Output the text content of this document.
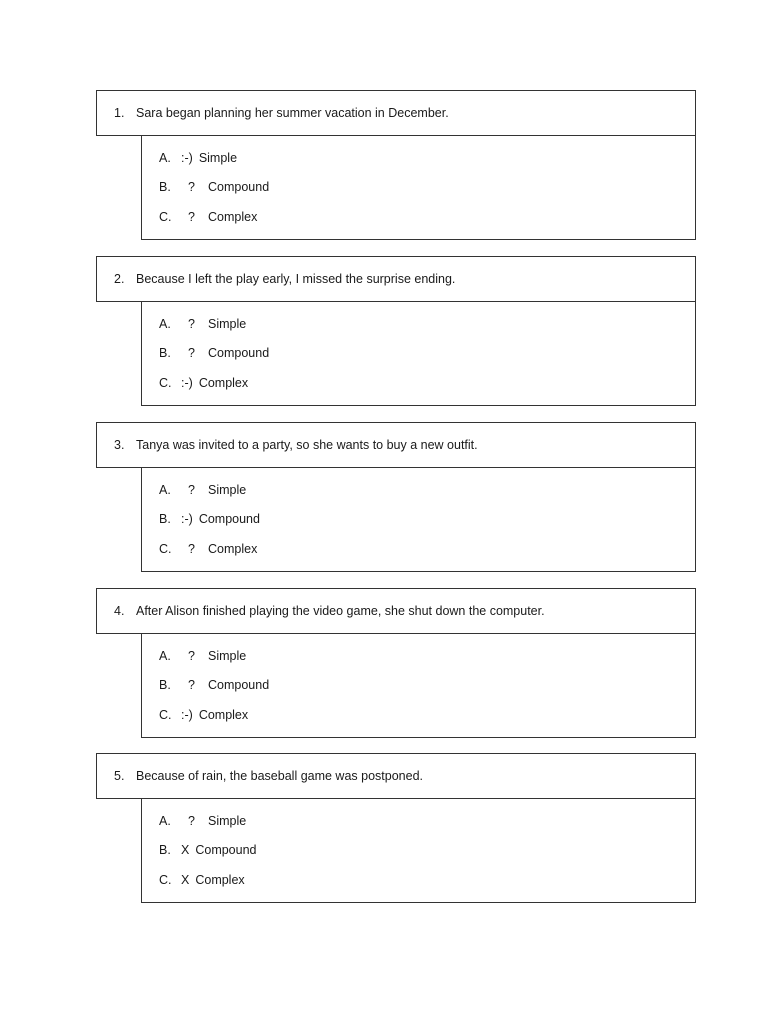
1. Sara began planning her summer vacation in December.
A. :-) Simple
B. ? Compound
C. ? Complex
2. Because I left the play early, I missed the surprise ending.
A. ? Simple
B. ? Compound
C. :-) Complex
3. Tanya was invited to a party, so she wants to buy a new outfit.
A. ? Simple
B. :-) Compound
C. ? Complex
4. After Alison finished playing the video game, she shut down the computer.
A. ? Simple
B. ? Compound
C. :-) Complex
5. Because of rain, the baseball game was postponed.
A. ? Simple
B. X Compound
C. X Complex
